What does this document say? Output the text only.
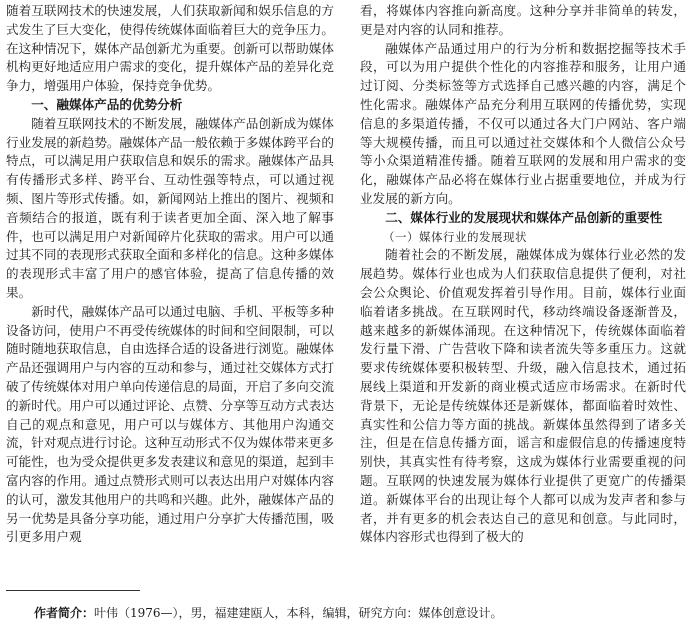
随着互联网技术的快速发展，人们获取新闻和娱乐信息的方式发生了巨大变化，使得传统媒体面临着巨大的竞争压力。在这种情况下，媒体产品创新尤为重要。创新可以帮助媒体机构更好地适应用户需求的变化，提升媒体产品的差异化竞争力，增强用户体验，保持竞争优势。

一、融媒体产品的优势分析

随着互联网技术的不断发展，融媒体产品创新成为媒体行业发展的新趋势。融媒体产品一般依赖于多媒体跨平台的特点，可以满足用户获取信息和娱乐的需求。融媒体产品具有传播形式多样、跨平台、互动性强等特点，可以通过视频、图片等形式传播。如，新闻网站上推出的图片、视频和音频结合的报道，既有利于读者更加全面、深入地了解事件，也可以满足用户对新闻碎片化获取的需求。用户可以通过其不同的表现形式获取全面和多样化的信息。这种多媒体的表现形式丰富了用户的感官体验，提高了信息传播的效果。

新时代，融媒体产品可以通过电脑、手机、平板等多种设备访问，使用户不再受传统媒体的时间和空间限制，可以随时随地获取信息，自由选择合适的设备进行浏览。融媒体产品还强调用户与内容的互动和参与，通过社交媒体方式打破了传统媒体对用户单向传递信息的局面，开启了多向交流的新时代。用户可以通过评论、点赞、分享等互动方式表达自己的观点和意见，用户可以与媒体方、其他用户沟通交流，针对观点进行讨论。这种互动形式不仅为媒体带来更多可能性，也为受众提供更多发表建议和意见的渠道，起到丰富内容的作用。通过点赞形式则可以表达出用户对媒体内容的认可，激发其他用户的共鸣和兴趣。此外，融媒体产品的另一优势是具备分享功能，通过用户分享扩大传播范围，吸引更多用户观

看，将媒体内容推向新高度。这种分享并非简单的转发，更是对内容的认同和推荐。

融媒体产品通过用户的行为分析和数据挖掘等技术手段，可以为用户提供个性化的内容推荐和服务，让用户通过订阅、分类标签等方式选择自己感兴趣的内容，满足个性化需求。融媒体产品充分利用互联网的传播优势，实现信息的多渠道传播，不仅可以通过各大门户网站、客户端等大规模传播，而且可以通过社交媒体和个人微信公众号等小众渠道精准传播。随着互联网的发展和用户需求的变化，融媒体产品必将在媒体行业占据重要地位，并成为行业发展的新方向。

二、媒体行业的发展现状和媒体产品创新的重要性

（一）媒体行业的发展现状

随着社会的不断发展，融媒体成为媒体行业必然的发展趋势。媒体行业也成为人们获取信息提供了便利，对社会公众舆论、价值观发挥着引导作用。目前，媒体行业面临着诸多挑战。在互联网时代，移动终端设备逐渐普及，越来越多的新媒体涌现。在这种情况下，传统媒体面临着发行量下滑、广告营收下降和读者流失等多重压力。这就要求传统媒体要积极转型、升级，融入信息技术，通过拓展线上渠道和开发新的商业模式适应市场需求。在新时代背景下，无论是传统媒体还是新媒体，都面临着时效性、真实性和公信力等方面的挑战。新媒体虽然得到了诸多关注，但是在信息传播方面，谣言和虚假信息的传播速度特别快，其真实性有待考察，这成为媒体行业需要重视的问题。互联网的快速发展为媒体行业提供了更宽广的传播渠道。新媒体平台的出现让每个人都可以成为发声者和参与者，并有更多的机会表达自己的意见和创意。与此同时，媒体内容形式也得到了极大的

作者简介：叶伟（1976—），男，福建建瓯人，本科，编辑，研究方向：媒体创意设计。
